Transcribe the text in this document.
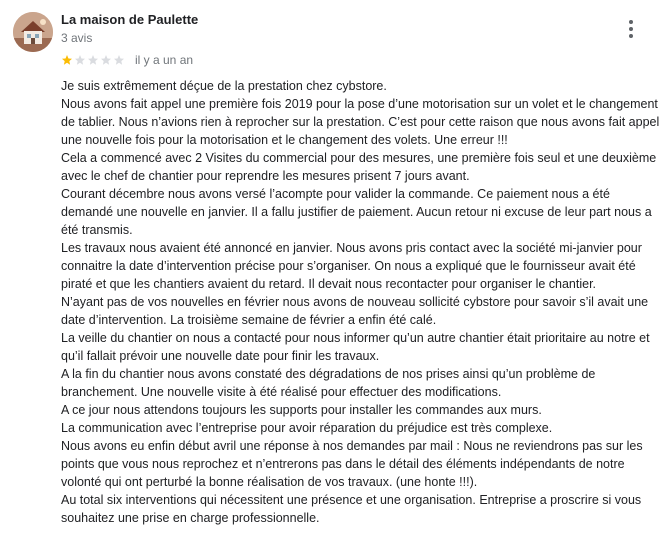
La maison de Paulette
3 avis
il y a un an

Je suis extrêmement déçue de la prestation chez cybstore.

Nous avons fait appel une première fois 2019 pour la pose d’une motorisation sur un volet et le changement de tablier. Nous n’avions rien à reprocher sur la prestation. C’est pour cette raison que nous avons fait appel une nouvelle fois pour la motorisation et le changement des volets. Une erreur !!!

Cela a commencé avec 2 Visites du commercial pour des mesures, une première fois seul et une deuxième avec le chef de chantier pour reprendre les mesures prisent 7 jours avant.

Courant décembre nous avons versé l’acompte pour valider la commande. Ce paiement nous a été demandé une nouvelle en janvier. Il a fallu justifier de paiement. Aucun retour ni excuse de leur part nous a été transmis.

Les travaux nous avaient été annoncé en janvier. Nous avons pris contact avec la société mi-janvier pour connaitre la date d’intervention précise pour s’organiser. On nous a expliqué que le fournisseur avait été piraté et que les chantiers avaient du retard. Il devait nous recontacter pour organiser le chantier.

N’ayant pas de vos nouvelles en février nous avons de nouveau sollicité cybstore pour savoir s’il avait une date d’intervention. La troisième semaine de février a enfin été calé.

La veille du chantier on nous a contacté pour nous informer qu’un autre chantier était prioritaire au notre et qu’il fallait prévoir une nouvelle date pour finir les travaux.

A la fin du chantier nous avons constaté des dégradations de nos prises ainsi qu’un problème de branchement. Une nouvelle visite à été réalisé pour effectuer des modifications.

A ce jour nous attendons toujours les supports pour installer les commandes aux murs.

La communication avec l’entreprise pour avoir réparation du préjudice est très complexe.

Nous avons eu enfin début avril une réponse à nos demandes par mail : Nous ne reviendrons pas sur les points que vous nous reprochez et n’entrerons pas dans le détail des éléments indépendants de notre volonté qui ont perturbé la bonne réalisation de vos travaux. (une honte !!!).

Au total six interventions qui nécessitent une présence et une organisation. Entreprise a proscrire si vous souhaitez une prise en charge professionnelle.
